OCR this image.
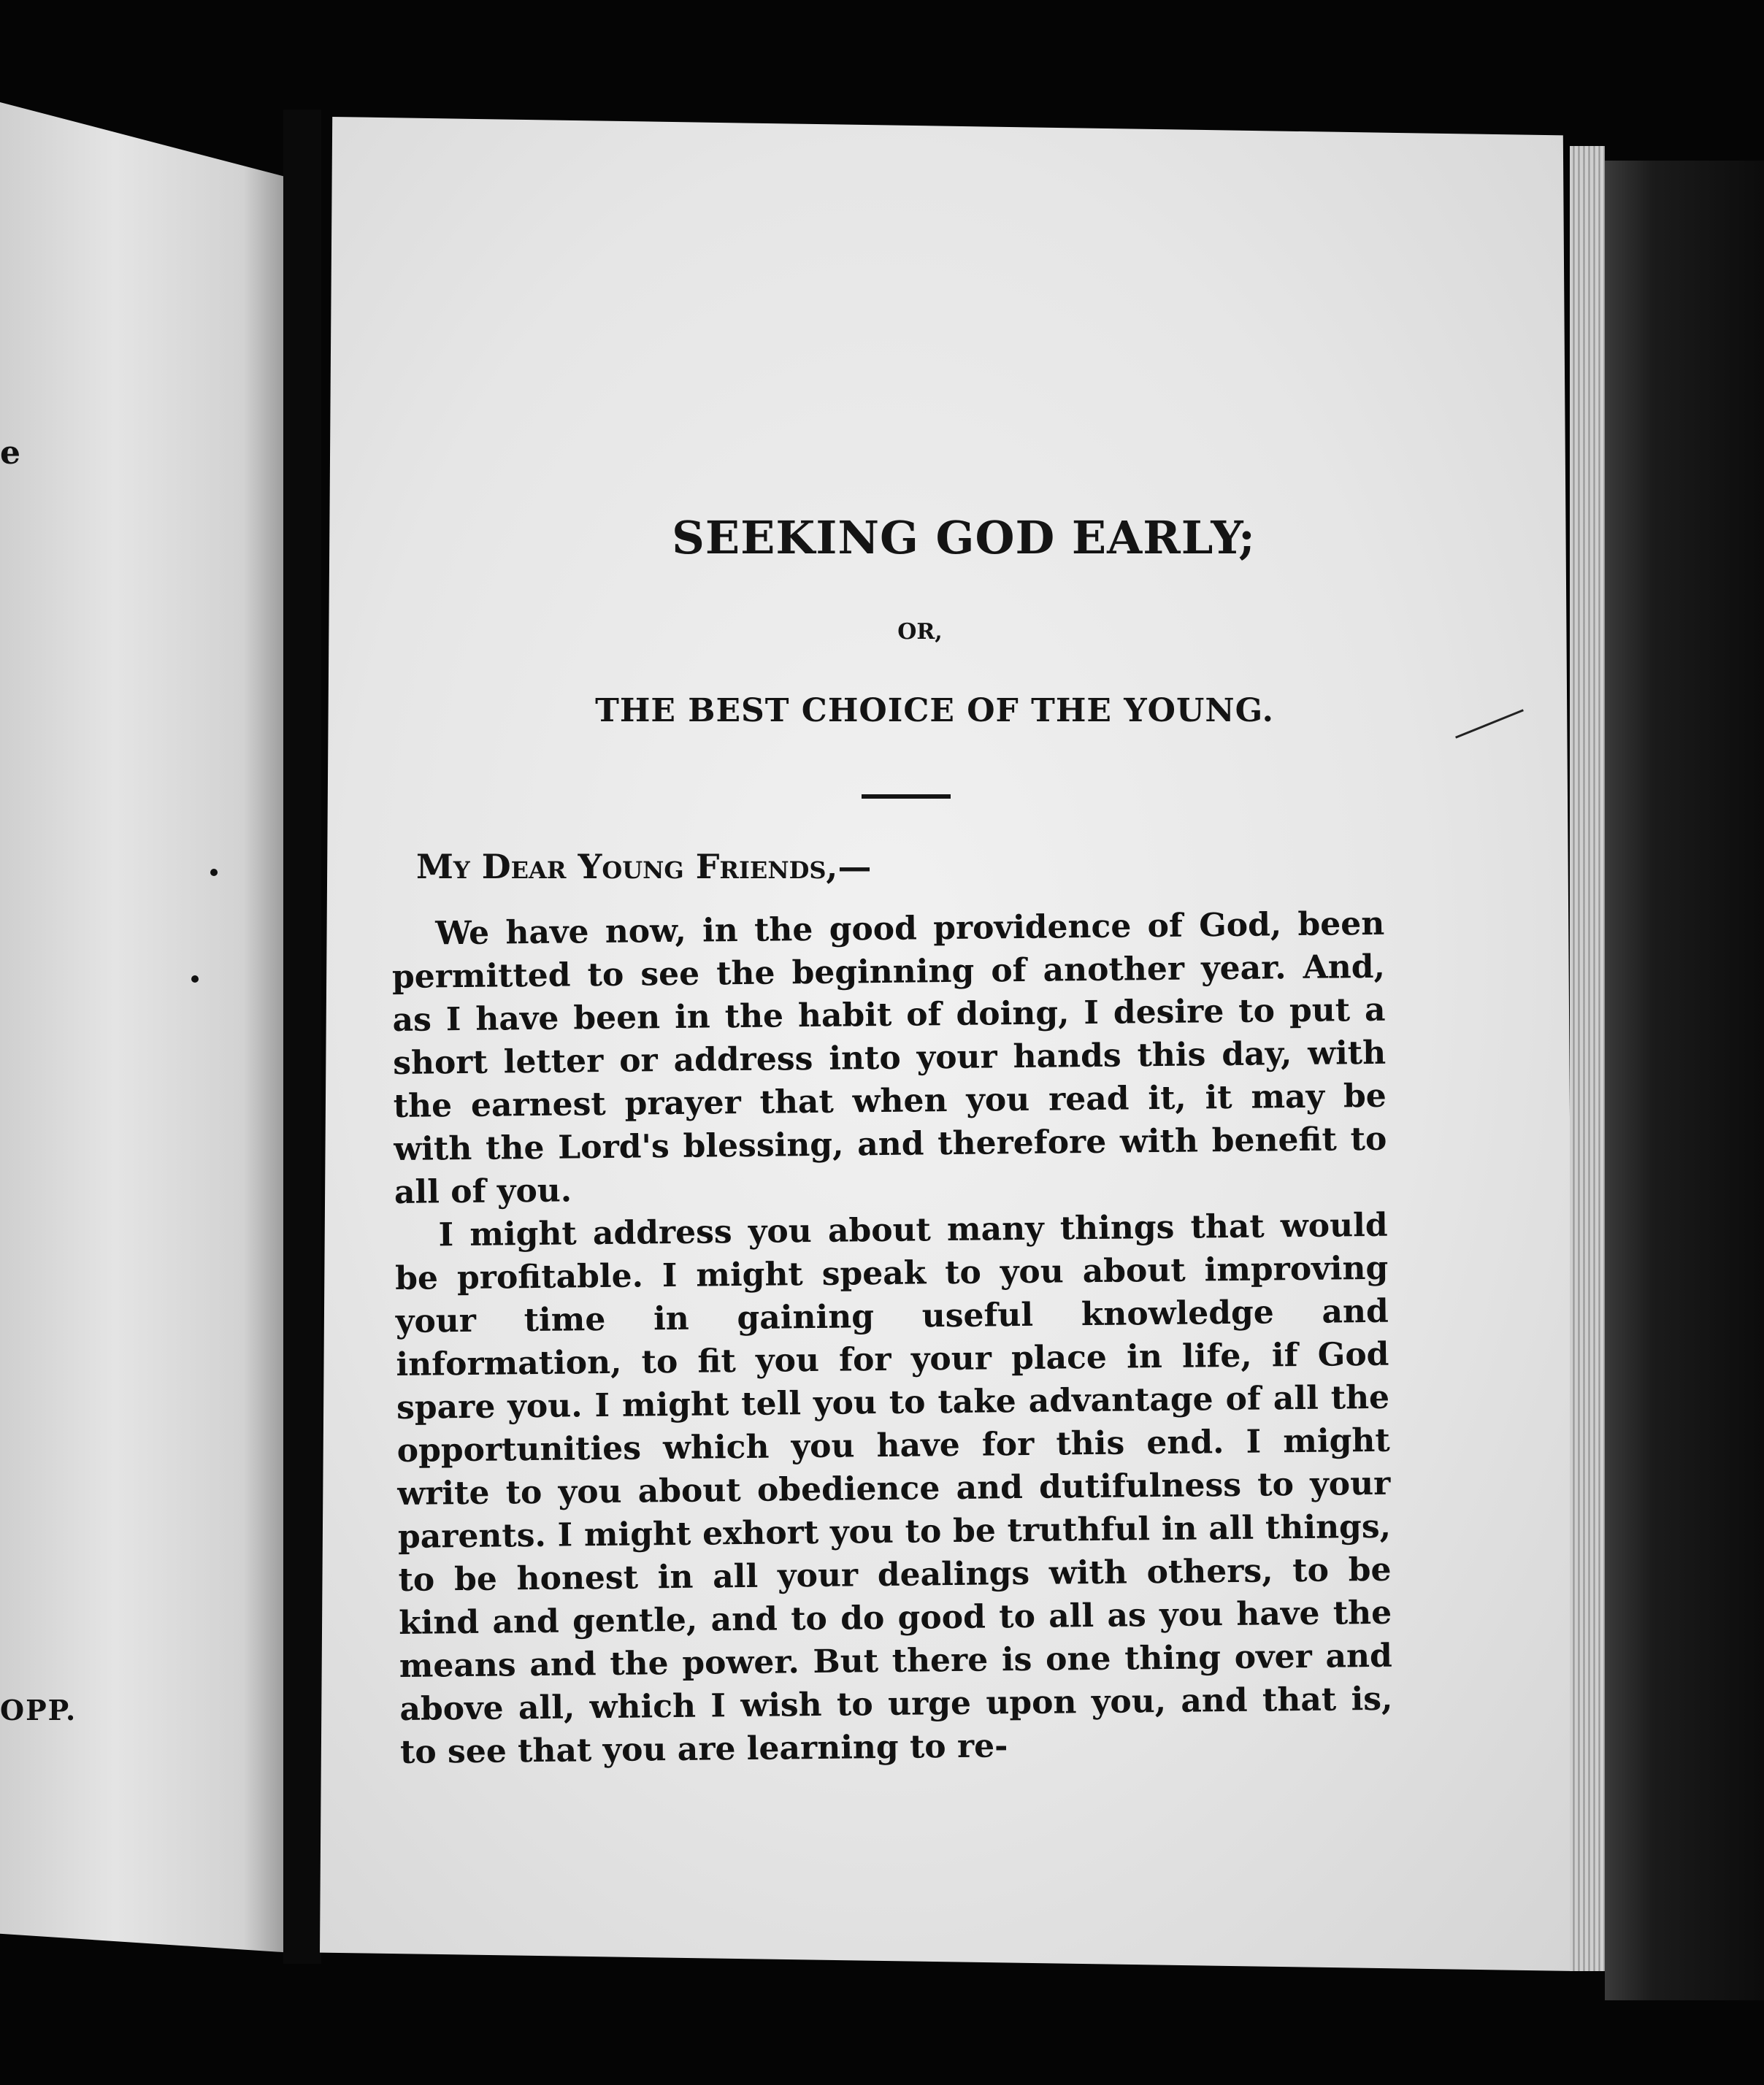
e
OPP.
SEEKING GOD EARLY;
OR,
THE BEST CHOICE OF THE YOUNG.
My Dear Young Friends,—

We have now, in the good providence of God, been permitted to see the beginning of another year. And, as I have been in the habit of doing, I desire to put a short letter or address into your hands this day, with the earnest prayer that when you read it, it may be with the Lord's blessing, and therefore with benefit to all of you.

I might address you about many things that would be profitable. I might speak to you about improving your time in gaining useful knowledge and information, to fit you for your place in life, if God spare you. I might tell you to take advantage of all the opportunities which you have for this end. I might write to you about obedience and dutifulness to your parents. I might exhort you to be truthful in all things, to be honest in all your dealings with others, to be kind and gentle, and to do good to all as you have the means and the power. But there is one thing over and above all, which I wish to urge upon you, and that is, to see that you are learning to re-
